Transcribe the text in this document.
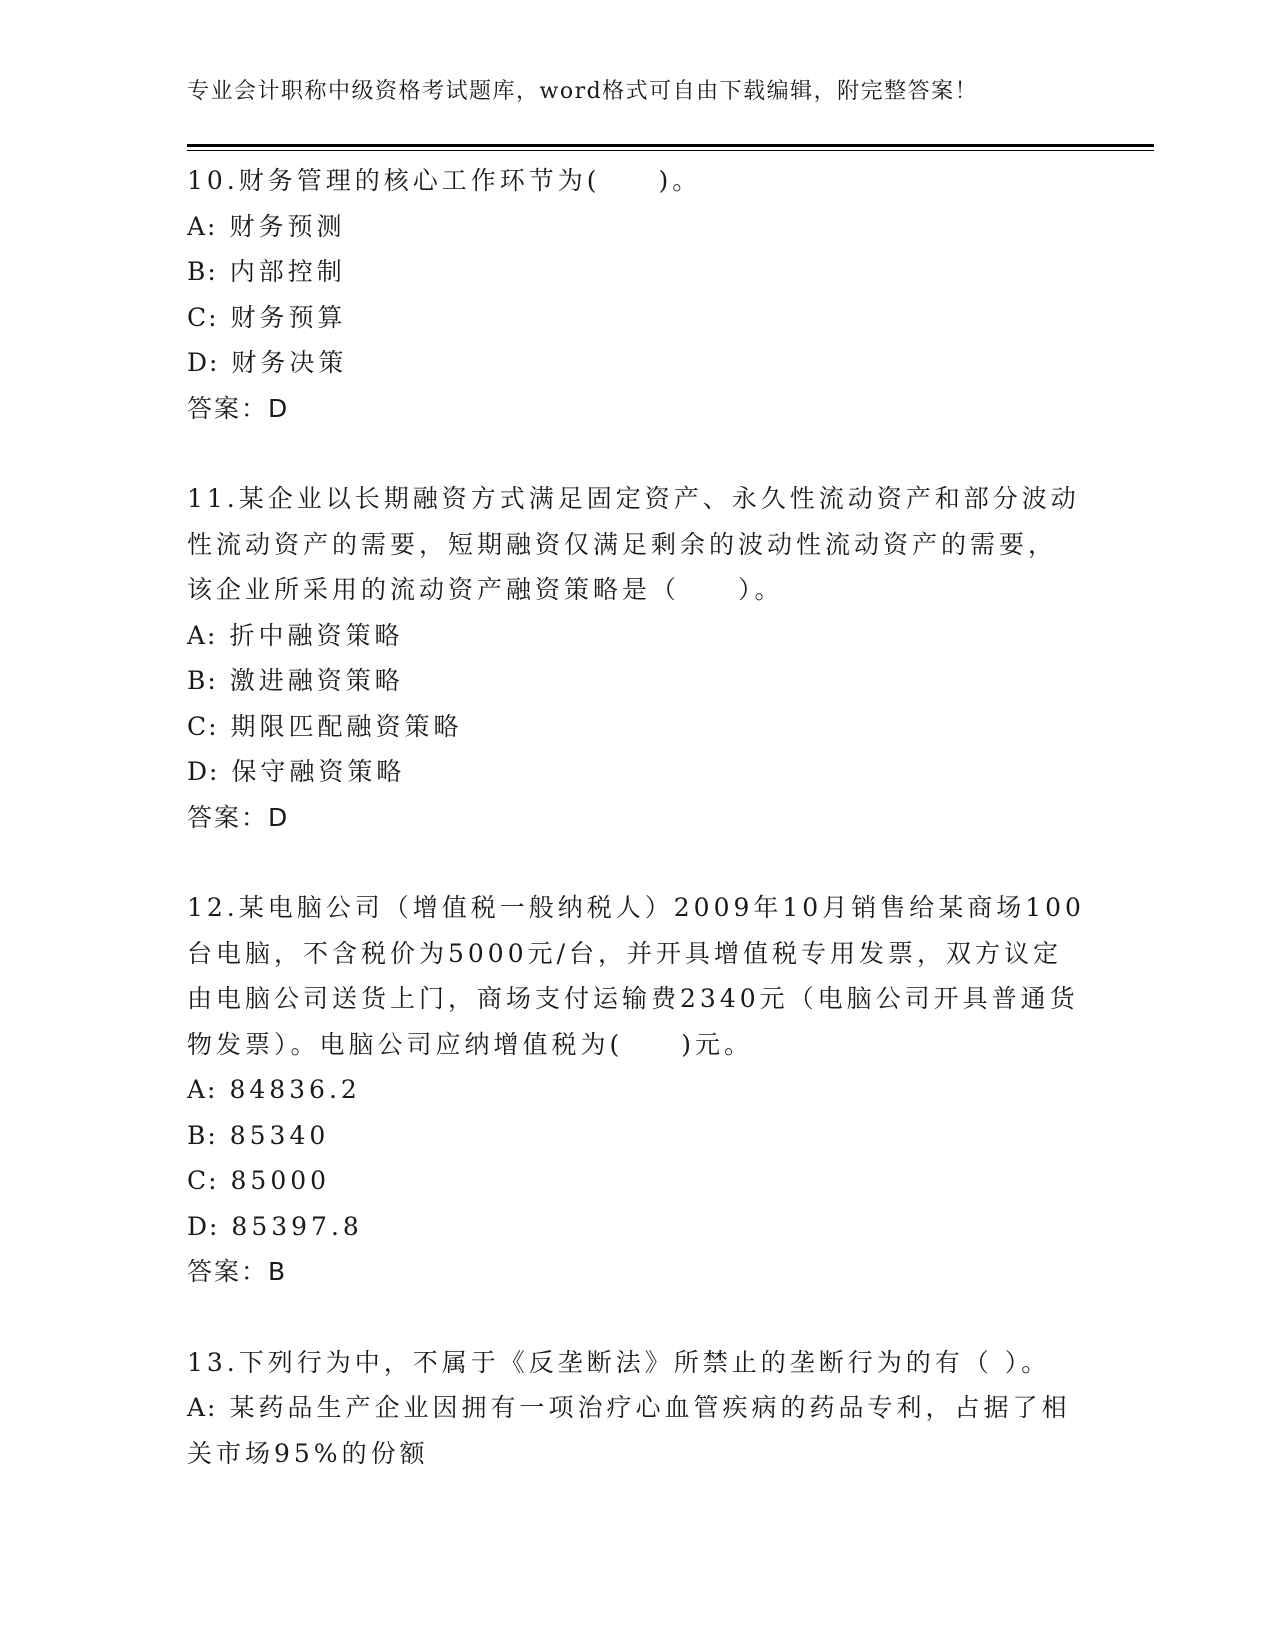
专业会计职称中级资格考试题库，word格式可自由下载编辑，附完整答案！
10.财务管理的核心工作环节为(　　)。
A: 财务预测
B: 内部控制
C: 财务预算
D: 财务决策
答案：D
11.某企业以长期融资方式满足固定资产、永久性流动资产和部分波动
性流动资产的需要，短期融资仅满足剩余的波动性流动资产的需要，
该企业所采用的流动资产融资策略是（　　）。
A: 折中融资策略
B: 激进融资策略
C: 期限匹配融资策略
D: 保守融资策略
答案：D
12.某电脑公司（增值税一般纳税人）2009年10月销售给某商场100
台电脑，不含税价为5000元/台，并开具增值税专用发票，双方议定
由电脑公司送货上门，商场支付运输费2340元（电脑公司开具普通货
物发票）。电脑公司应纳增值税为(　　)元。
A: 84836.2
B: 85340
C: 85000
D: 85397.8
答案：B
13.下列行为中，不属于《反垄断法》所禁止的垄断行为的有（ ）。
A: 某药品生产企业因拥有一项治疗心血管疾病的药品专利，占据了相
关市场95%的份额
